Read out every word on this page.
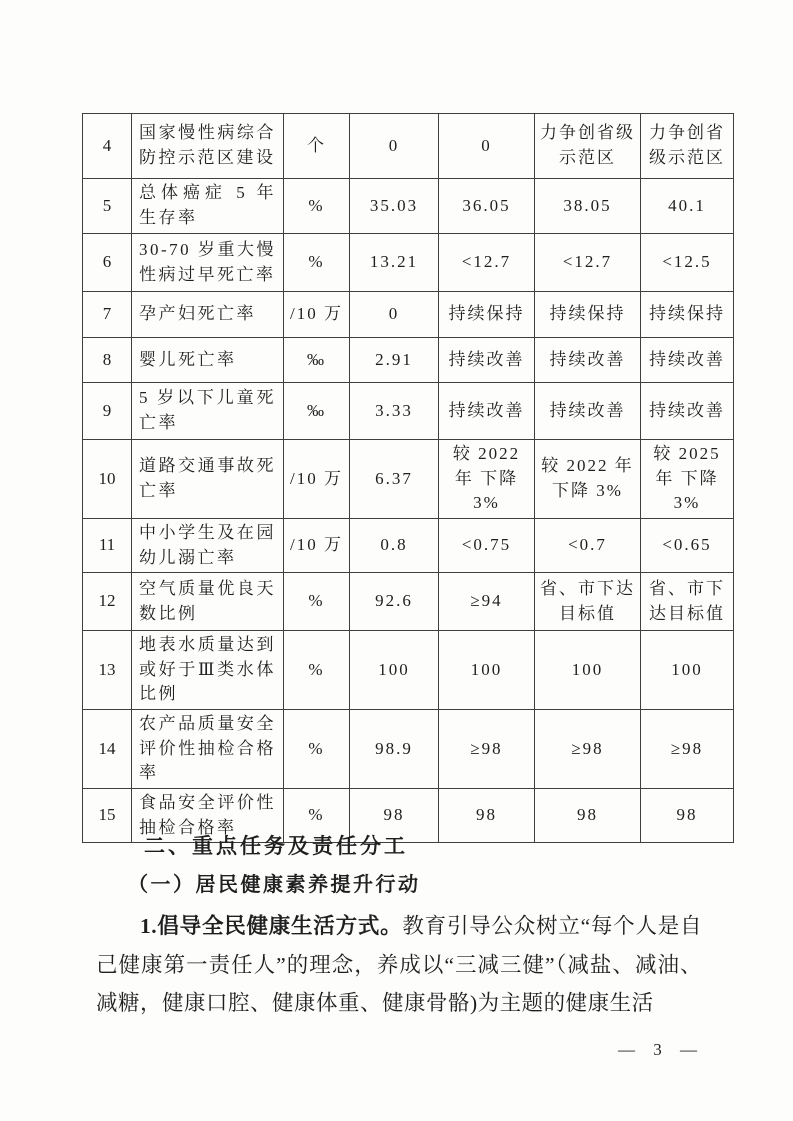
4	国家慢性病综合防控示范区建设	个	0	0	力争创省级示范区	力争创省级示范区
5	总体癌症 5 年生存率	%	35.03	36.05	38.05	40.1
6	30-70 岁重大慢性病过早死亡率	%	13.21	<12.7	<12.7	<12.5
7	孕产妇死亡率	/10 万	0	持续保持	持续保持	持续保持
8	婴儿死亡率	‰	2.91	持续改善	持续改善	持续改善
9	5 岁以下儿童死亡率	‰	3.33	持续改善	持续改善	持续改善
10	道路交通事故死亡率	/10 万	6.37	较 2022 年 下降 3%	较 2022 年 下降 3%	较 2025 年 下降 3%
11	中小学生及在园幼儿溺亡率	/10 万	0.8	<0.75	<0.7	<0.65
12	空气质量优良天数比例	%	92.6	≥94	省、市下达目标值	省、市下达目标值
13	地表水质量达到或好于Ⅲ类水体比例	%	100	100	100	100
14	农产品质量安全评价性抽检合格率	%	98.9	≥98	≥98	≥98
15	食品安全评价性抽检合格率	%	98	98	98	98
二、重点任务及责任分工
（一）居民健康素养提升行动

1.倡导全民健康生活方式。教育引导公众树立“每个人是自己健康第一责任人”的理念，养成以“三减三健”（减盐、减油、减糖，健康口腔、健康体重、健康骨骼)为主题的健康生活

— 3 —
